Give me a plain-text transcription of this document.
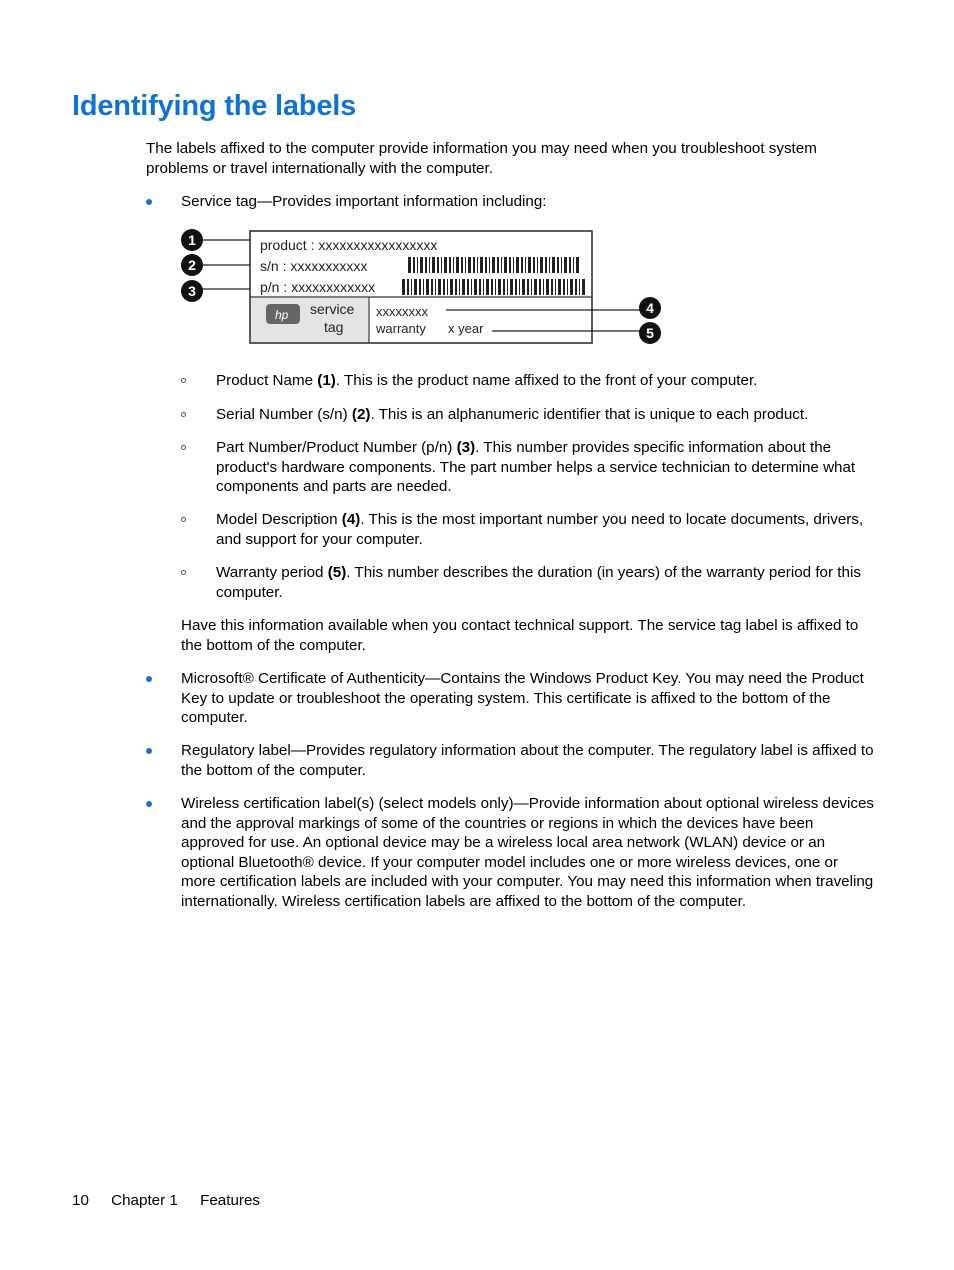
Identifying the labels

The labels affixed to the computer provide information you may need when you troubleshoot system problems or travel internationally with the computer.

Service tag—Provides important information including:
product : xxxxxxxxxxxxxxxxx
s/n : xxxxxxxxxxx
p/n : xxxxxxxxxxxx
hp service
tag
xxxxxxxx
warranty x year
1
2
3
4
5
Product Name (1). This is the product name affixed to the front of your computer.
Serial Number (s/n) (2). This is an alphanumeric identifier that is unique to each product.
Part Number/Product Number (p/n) (3). This number provides specific information about the product's hardware components. The part number helps a service technician to determine what components and parts are needed.
Model Description (4). This is the most important number you need to locate documents, drivers, and support for your computer.
Warranty period (5). This number describes the duration (in years) of the warranty period for this computer.

Have this information available when you contact technical support. The service tag label is affixed to the bottom of the computer.

Microsoft® Certificate of Authenticity—Contains the Windows Product Key. You may need the Product Key to update or troubleshoot the operating system. This certificate is affixed to the bottom of the computer.
Regulatory label—Provides regulatory information about the computer. The regulatory label is affixed to the bottom of the computer.
Wireless certification label(s) (select models only)—Provide information about optional wireless devices and the approval markings of some of the countries or regions in which the devices have been approved for use. An optional device may be a wireless local area network (WLAN) device or an optional Bluetooth® device. If your computer model includes one or more wireless devices, one or more certification labels are included with your computer. You may need this information when traveling internationally. Wireless certification labels are affixed to the bottom of the computer.
10 Chapter 1 Features
